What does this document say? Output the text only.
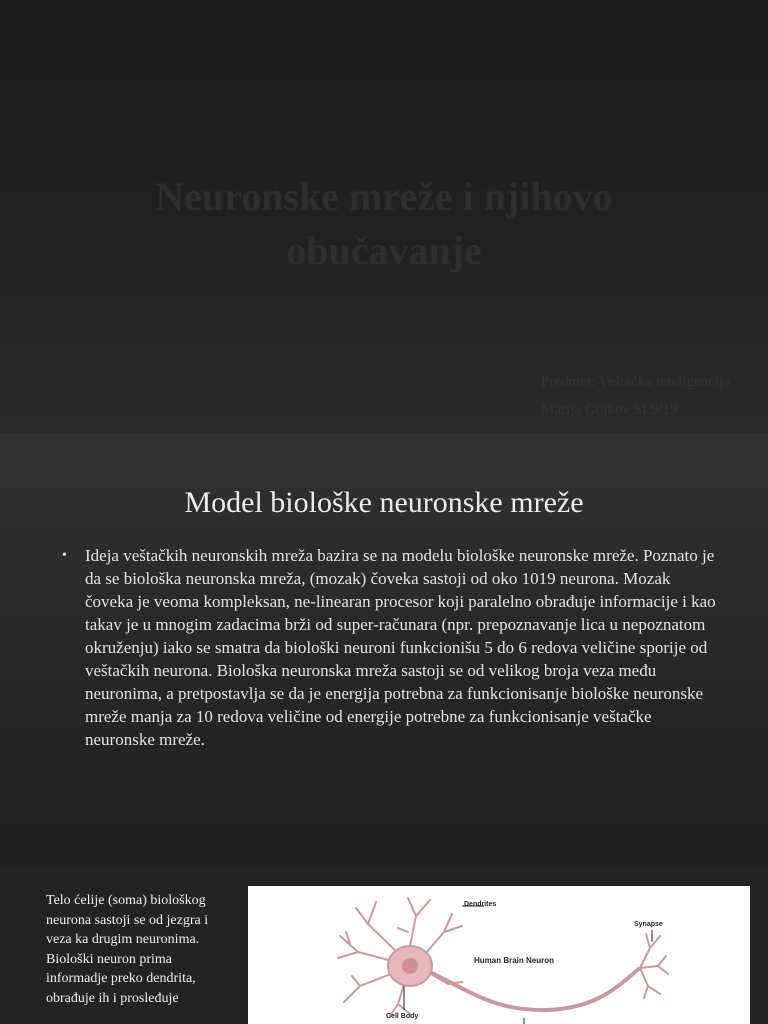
Neuronske mreže i njihovo
obučavanje
Predmet: Veštačka inteligencija
Marija Gojkov SI 9/19
Model biološke neuronske mreže
• Ideja veštačkih neuronskih mreža bazira se na modelu biološke neuronske mreže. Poznato je da se biološka neuronska mreža, (mozak) čoveka sastoji od oko 1019 neurona. Mozak čoveka je veoma kompleksan, ne-linearan procesor koji paralelno obrađuje informacije i kao takav je u mnogim zadacima brži od super-računara (npr. prepoznavanje lica u nepoznatom okruženju) iako se smatra da biološki neuroni funkcionišu 5 do 6 redova veličine sporije od veštačkih neurona. Biološka neuronska mreža sastoji se od velikog broja veza među neuronima, a pretpostavlja se da je energija potrebna za funkcionisanje biološke neuronske mreže manja za 10 redova veličine od energije potrebne za funkcionisanje veštačke neuronske mreže.
Telo ćelije (soma) biološkog neurona sastoji se od jezgra i veza ka drugim neuronima. Biološki neuron prima informadje preko dendrita, obrađuje ih i prosleđuje
Dendrites
Synapse
Human Brain Neuron
Cell Body
